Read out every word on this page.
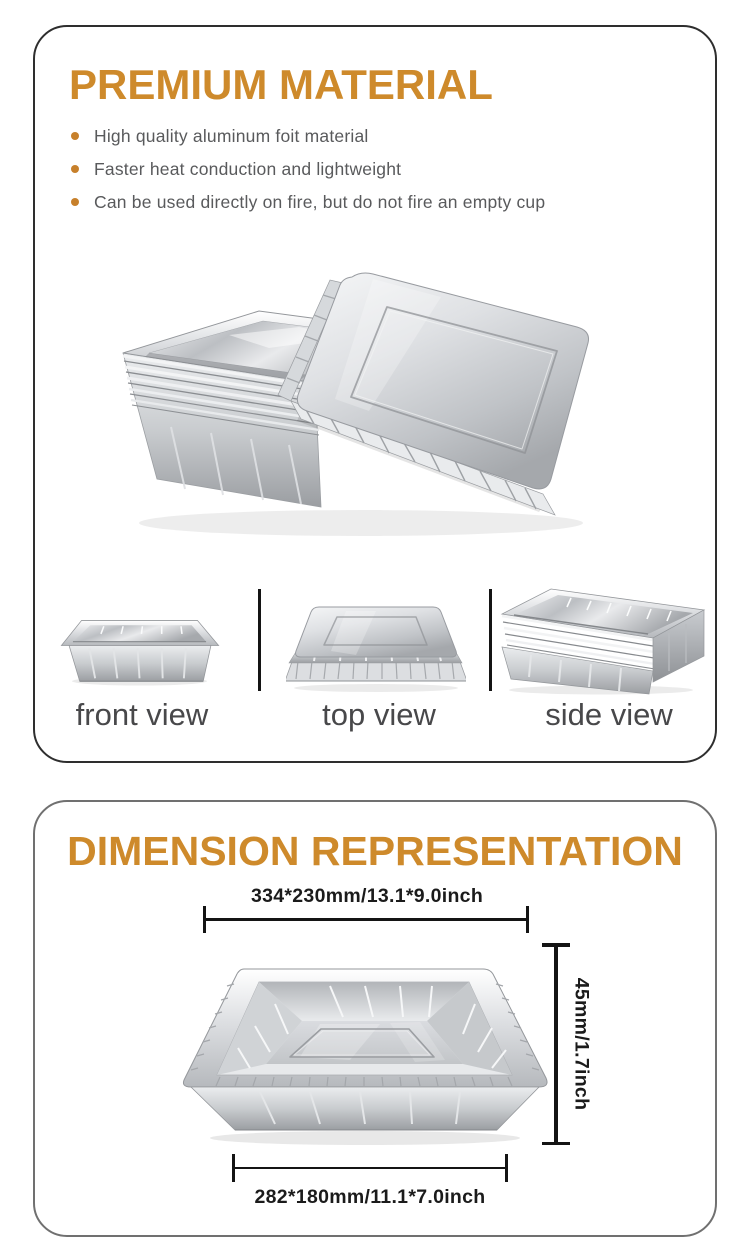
PREMIUM MATERIAL
High quality aluminum foit material
Faster heat conduction and lightweight
Can be used directly on fire, but do not fire an empty cup
front view	top view	side view
DIMENSION REPRESENTATION
334*230mm/13.1*9.0inch
45mm/1.7inch
282*180mm/11.1*7.0inch
